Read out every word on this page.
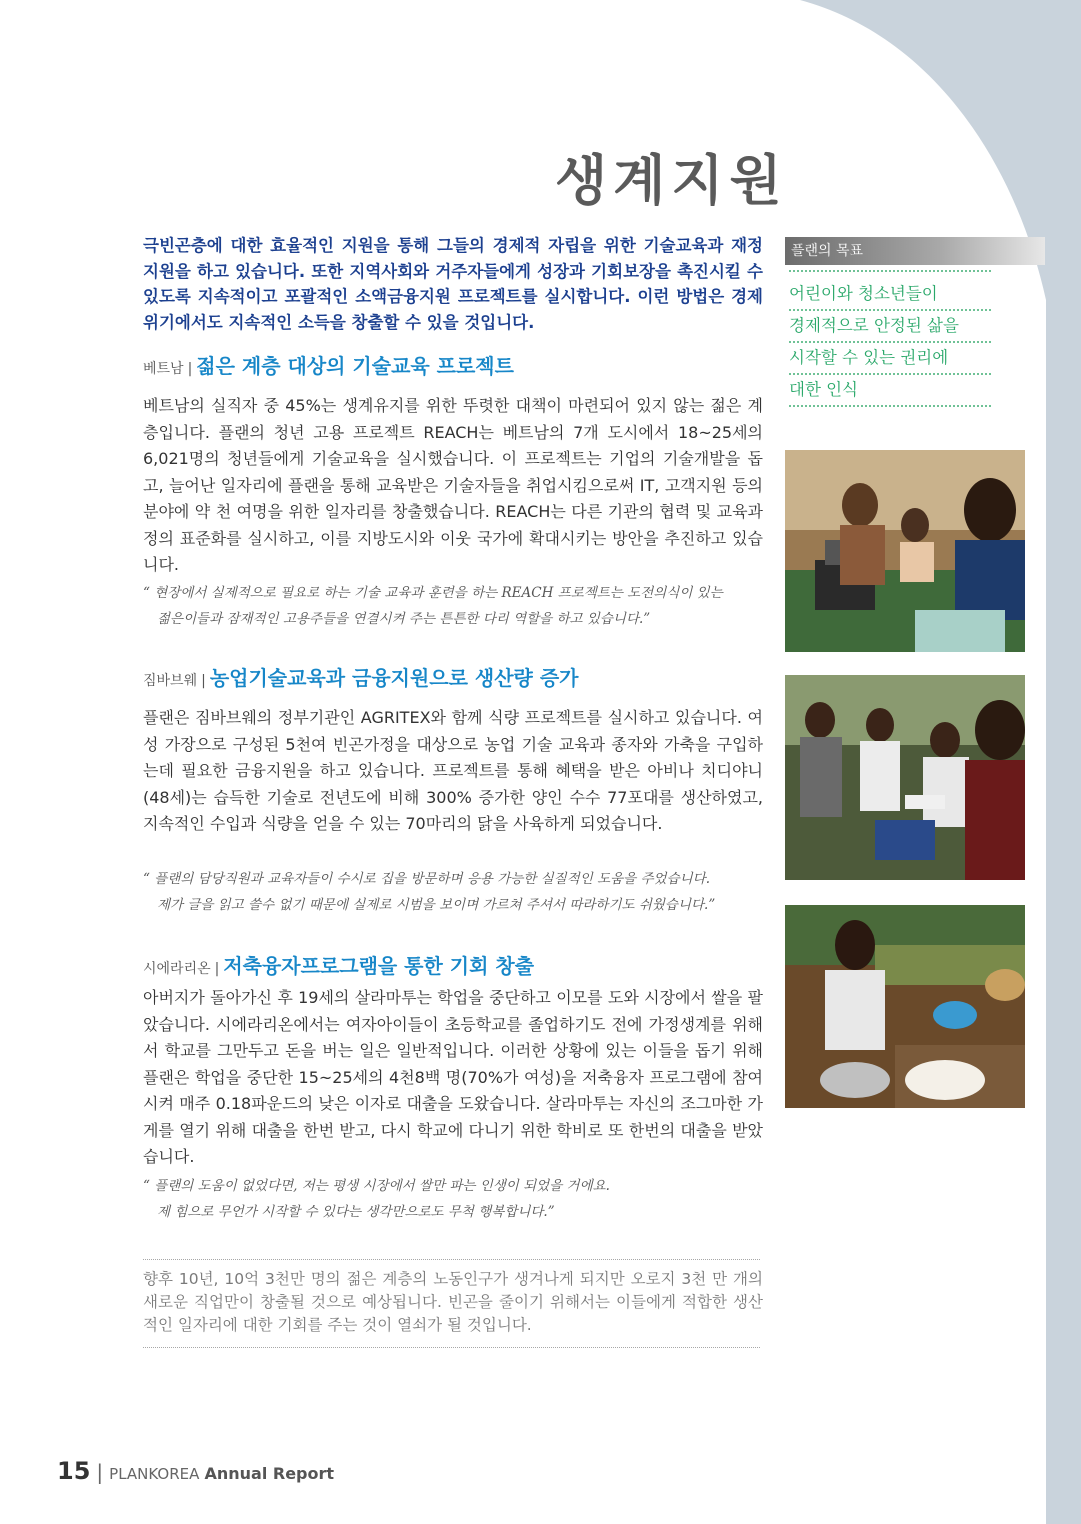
생계지원
극빈곤층에 대한 효율적인 지원을 통해 그들의 경제적 자립을 위한 기술교육과 재정 지원을 하고 있습니다. 또한 지역사회와 거주자들에게 성장과 기회보장을 촉진시킬 수 있도록 지속적이고 포괄적인 소액금융지원 프로젝트를 실시합니다. 이런 방법은 경제 위기에서도 지속적인 소득을 창출할 수 있을 것입니다.
베트남 | 젊은 계층 대상의 기술교육 프로젝트
베트남의 실직자 중 45%는 생계유지를 위한 뚜렷한 대책이 마련되어 있지 않는 젊은 계층입니다. 플랜의 청년 고용 프로젝트 REACH는 베트남의 7개 도시에서 18~25세의 6,021명의 청년들에게 기술교육을 실시했습니다. 이 프로젝트는 기업의 기술개발을 돕고, 늘어난 일자리에 플랜을 통해 교육받은 기술자들을 취업시킴으로써 IT, 고객지원 등의 분야에 약 천 여명을 위한 일자리를 창출했습니다. REACH는 다른 기관의 협력 및 교육과정의 표준화를 실시하고, 이를 지방도시와 이웃 국가에 확대시키는 방안을 추진하고 있습니다.
“ 현장에서 실제적으로 필요로 하는 기술 교육과 훈련을 하는 REACH 프로젝트는 도전의식이 있는
젊은이들과 잠재적인 고용주들을 연결시켜 주는 튼튼한 다리 역할을 하고 있습니다.”
짐바브웨 | 농업기술교육과 금융지원으로 생산량 증가
플랜은 짐바브웨의 정부기관인 AGRITEX와 함께 식량 프로젝트를 실시하고 있습니다. 여성 가장으로 구성된 5천여 빈곤가정을 대상으로 농업 기술 교육과 종자와 가축을 구입하는데 필요한 금융지원을 하고 있습니다. 프로젝트를 통해 혜택을 받은 아비나 치디야니(48세)는 습득한 기술로 전년도에 비해 300% 증가한 양인 수수 77포대를 생산하였고, 지속적인 수입과 식량을 얻을 수 있는 70마리의 닭을 사육하게 되었습니다.
“ 플랜의 담당직원과 교육자들이 수시로 집을 방문하며 응용 가능한 실질적인 도움을 주었습니다.
제가 글을 읽고 쓸수 없기 때문에 실제로 시범을 보이며 가르쳐 주셔서 따라하기도 쉬웠습니다.”
시에라리온 | 저축융자프로그램을 통한 기회 창출
아버지가 돌아가신 후 19세의 살라마투는 학업을 중단하고 이모를 도와 시장에서 쌀을 팔았습니다. 시에라리온에서는 여자아이들이 초등학교를 졸업하기도 전에 가정생계를 위해서 학교를 그만두고 돈을 버는 일은 일반적입니다. 이러한 상황에 있는 이들을 돕기 위해 플랜은 학업을 중단한 15~25세의 4천8백 명(70%가 여성)을 저축융자 프로그램에 참여시켜 매주 0.18파운드의 낮은 이자로 대출을 도왔습니다. 살라마투는 자신의 조그마한 가게를 열기 위해 대출을 한번 받고, 다시 학교에 다니기 위한 학비로 또 한번의 대출을 받았습니다.
“ 플랜의 도움이 없었다면, 저는 평생 시장에서 쌀만 파는 인생이 되었을 거에요.
제 힘으로 무언가 시작할 수 있다는 생각만으로도 무척 행복합니다.”
플랜의 목표
어린이와 청소년들이
경제적으로 안정된 삶을
시작할 수 있는 권리에
대한 인식
향후 10년, 10억 3천만 명의 젊은 계층의 노동인구가 생겨나게 되지만 오로지 3천 만 개의 새로운 직업만이 창출될 것으로 예상됩니다. 빈곤을 줄이기 위해서는 이들에게 적합한 생산적인 일자리에 대한 기회를 주는 것이 열쇠가 될 것입니다.
15 | PLANKOREA Annual Report
